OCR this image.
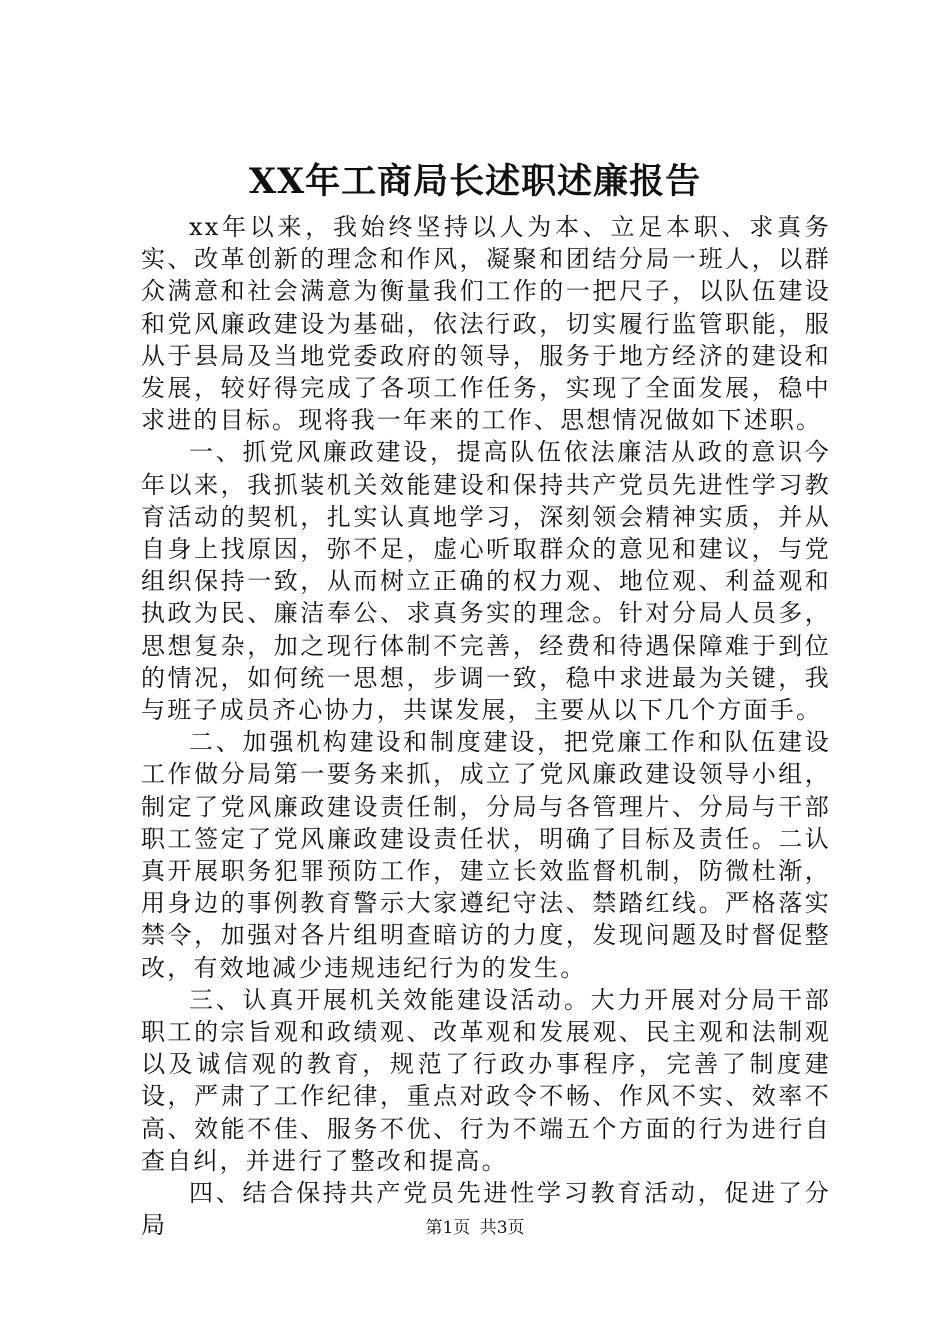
XX年工商局长述职述廉报告

xx年以来，我始终坚持以人为本、立足本职、求真务实、改革创新的理念和作风，凝聚和团结分局一班人，以群众满意和社会满意为衡量我们工作的一把尺子，以队伍建设和党风廉政建设为基础，依法行政，切实履行监管职能，服从于县局及当地党委政府的领导，服务于地方经济的建设和发展，较好得完成了各项工作任务，实现了全面发展，稳中求进的目标。现将我一年来的工作、思想情况做如下述职。

一、抓党风廉政建设，提高队伍依法廉洁从政的意识今年以来，我抓装机关效能建设和保持共产党员先进性学习教育活动的契机，扎实认真地学习，深刻领会精神实质，并从自身上找原因，弥不足，虚心听取群众的意见和建议，与党组织保持一致，从而树立正确的权力观、地位观、利益观和执政为民、廉洁奉公、求真务实的理念。针对分局人员多，思想复杂，加之现行体制不完善，经费和待遇保障难于到位的情况，如何统一思想，步调一致，稳中求进最为关键，我与班子成员齐心协力，共谋发展，主要从以下几个方面手。

二、加强机构建设和制度建设，把党廉工作和队伍建设工作做分局第一要务来抓，成立了党风廉政建设领导小组，制定了党风廉政建设责任制，分局与各管理片、分局与干部职工签定了党风廉政建设责任状，明确了目标及责任。二认真开展职务犯罪预防工作，建立长效监督机制，防微杜渐，用身边的事例教育警示大家遵纪守法、禁踏红线。严格落实禁令，加强对各片组明查暗访的力度，发现问题及时督促整改，有效地减少违规违纪行为的发生。

三、认真开展机关效能建设活动。大力开展对分局干部职工的宗旨观和政绩观、改革观和发展观、民主观和法制观以及诚信观的教育，规范了行政办事程序，完善了制度建设，严肃了工作纪律，重点对政令不畅、作风不实、效率不高、效能不佳、服务不优、行为不端五个方面的行为进行自查自纠，并进行了整改和提高。

四、结合保持共产党员先进性学习教育活动，促进了分局	第1页 共3页
